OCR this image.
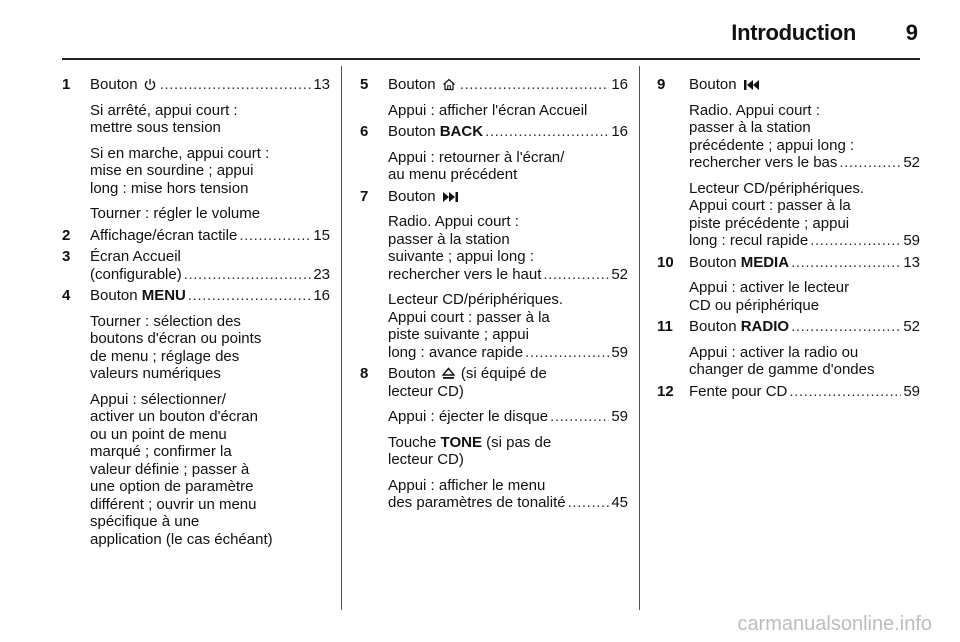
Introduction 9
1 Bouton .....	13
Si arrêté, appui court :
mettre sous tension
Si en marche, appui court :
mise en sourdine ; appui
long : mise hors tension
Tourner : régler le volume
2 Affichage/écran tactile .....	15
3 Écran Accueil
(configurable) .....	23
4 Bouton MENU .....	16
Tourner : sélection des
boutons d'écran ou points
de menu ; réglage des
valeurs numériques
Appui : sélectionner/
activer un bouton d'écran
ou un point de menu
marqué ; confirmer la
valeur définie ; passer à
une option de paramètre
différent ; ouvrir un menu
spécifique à une
application (le cas échéant)
5 Bouton .....	16
Appui : afficher l'écran Accueil
6 Bouton BACK .....	16
Appui : retourner à l'écran/
au menu précédent
7 Bouton
Radio. Appui court :
passer à la station
suivante ; appui long :
rechercher vers le haut .....	52
Lecteur CD/périphériques.
Appui court : passer à la
piste suivante ; appui
long : avance rapide .....	59
8 Bouton (si équipé de
lecteur CD)
Appui : éjecter le disque .....	59
Touche TONE (si pas de
lecteur CD)
Appui : afficher le menu
des paramètres de tonalité .....	45
9 Bouton
Radio. Appui court :
passer à la station
précédente ; appui long :
rechercher vers le bas .....	52
Lecteur CD/périphériques.
Appui court : passer à la
piste précédente ; appui
long : recul rapide .....	59
10 Bouton MEDIA .....	13
Appui : activer le lecteur
CD ou périphérique
11 Bouton RADIO .....	52
Appui : activer la radio ou
changer de gamme d'ondes
12 Fente pour CD .....	59
carmanualsonline.info
